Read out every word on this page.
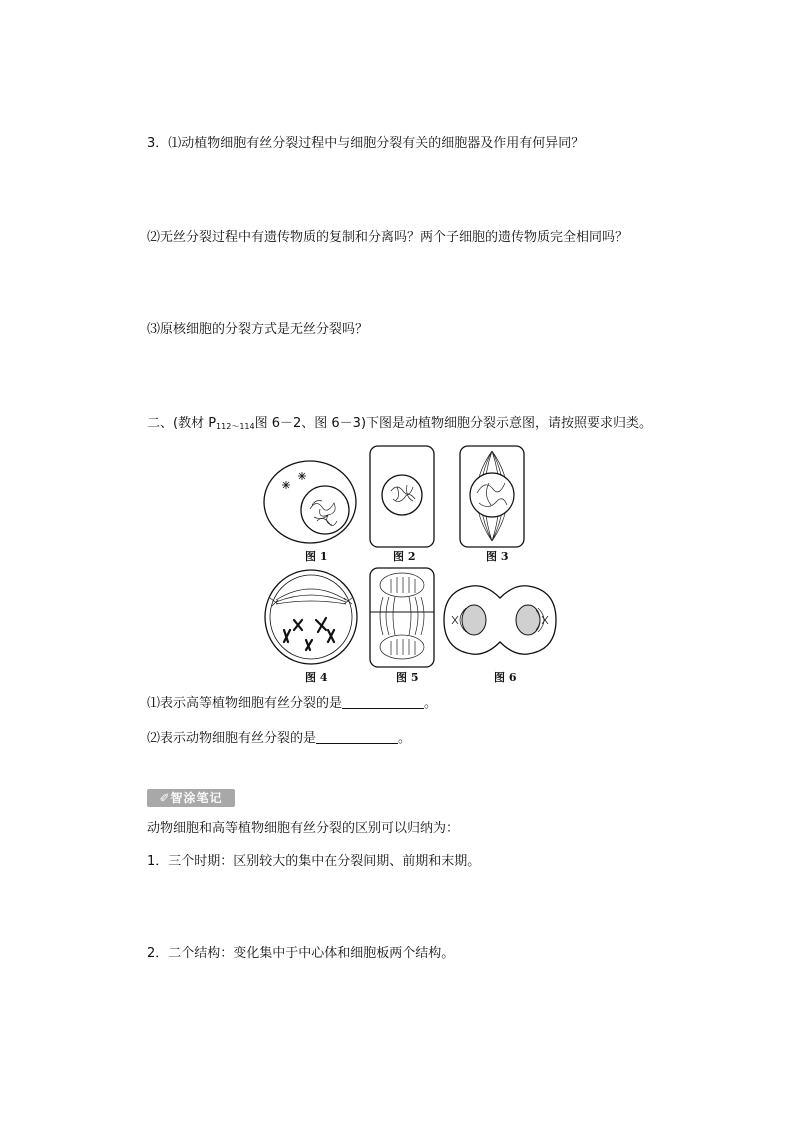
3．⑴动植物细胞有丝分裂过程中与细胞分裂有关的细胞器及作用有何异同？
⑵无丝分裂过程中有遗传物质的复制和分离吗？两个子细胞的遗传物质完全相同吗？
⑶原核细胞的分裂方式是无丝分裂吗？
二、(教材 $P_{112\sim 114}$图 6－2、图 6－3)下图是动植物细胞分裂示意图，请按照要求归类。
图 1	图 2	图 3
图 4	图 5	图 6
⑴表示高等植物细胞有丝分裂的是	。
⑵表示动物细胞有丝分裂的是	。
✐智涂笔记
动物细胞和高等植物细胞有丝分裂的区别可以归纳为：
1．三个时期：区别较大的集中在分裂间期、前期和末期。
2．二个结构：变化集中于中心体和细胞板两个结构。
